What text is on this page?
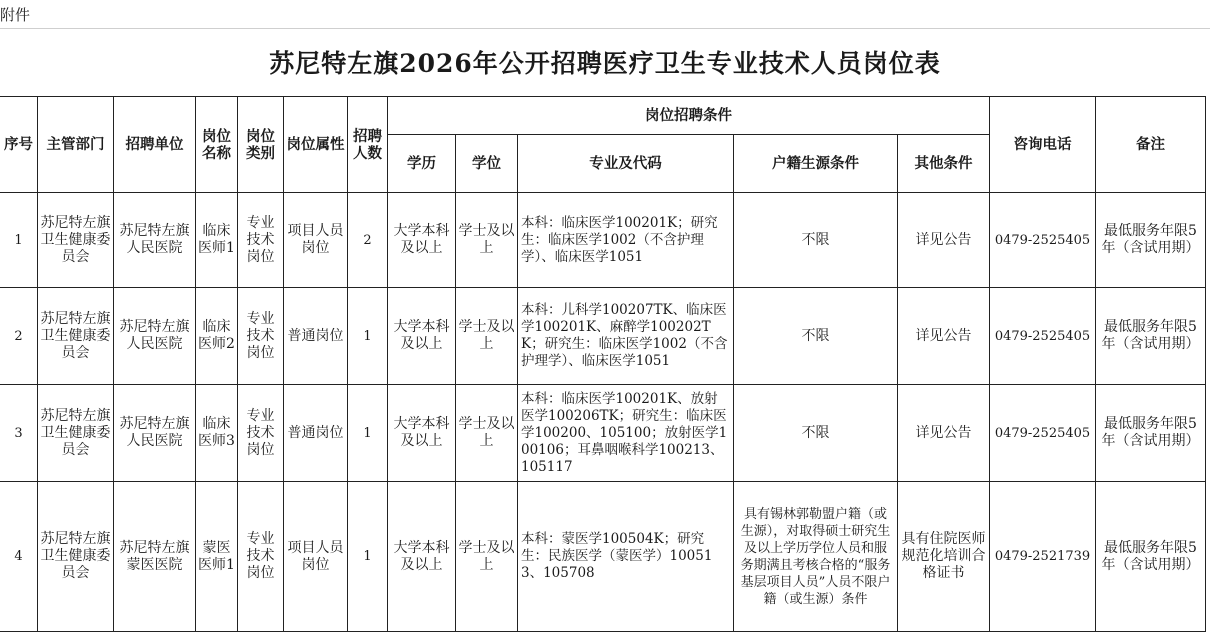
附件
苏尼特左旗2026年公开招聘医疗卫生专业技术人员岗位表
序号	主管部门	招聘单位	岗位名称	岗位类别	岗位属性	招聘人数	岗位招聘条件					咨询电话	备注
							学历	学位	专业及代码	户籍生源条件	其他条件		
1	苏尼特左旗卫生健康委员会	苏尼特左旗人民医院	临床医师1	专业技术岗位	项目人员岗位	2	大学本科及以上	学士及以上	本科：临床医学100201K；研究生：临床医学1002（不含护理学）、临床医学1051	不限	详见公告	0479-2525405	最低服务年限5年（含试用期）
2	苏尼特左旗卫生健康委员会	苏尼特左旗人民医院	临床医师2	专业技术岗位	普通岗位	1	大学本科及以上	学士及以上	本科：儿科学100207TK、临床医学100201K、麻醉学100202TK；研究生：临床医学1002（不含护理学）、临床医学1051	不限	详见公告	0479-2525405	最低服务年限5年（含试用期）
3	苏尼特左旗卫生健康委员会	苏尼特左旗人民医院	临床医师3	专业技术岗位	普通岗位	1	大学本科及以上	学士及以上	本科：临床医学100201K、放射医学100206TK；研究生：临床医学100200、105100；放射医学100106；耳鼻咽喉科学100213、105117	不限	详见公告	0479-2525405	最低服务年限5年（含试用期）
4	苏尼特左旗卫生健康委员会	苏尼特左旗蒙医医院	蒙医医师1	专业技术岗位	项目人员岗位	1	大学本科及以上	学士及以上	本科：蒙医学100504K；研究生：民族医学（蒙医学）100513、105708	具有锡林郭勒盟户籍（或生源），对取得硕士研究生及以上学历学位人员和服务期满且考核合格的“服务基层项目人员”人员不限户籍（或生源）条件	具有住院医师规范化培训合格证书	0479-2521739	最低服务年限5年（含试用期）
